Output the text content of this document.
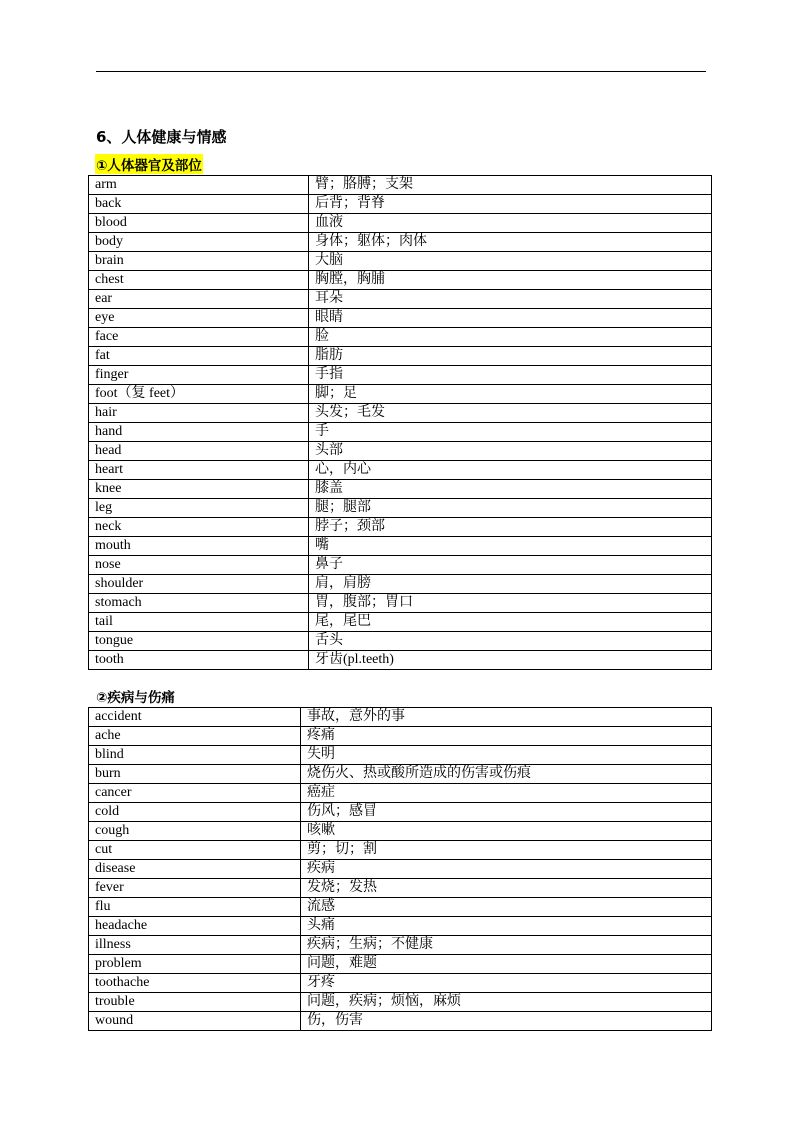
6、人体健康与情感
①人体器官及部位
arm	臂；胳膊；支架
back	后背；背脊
blood	血液
body	身体；躯体；肉体
brain	大脑
chest	胸膛，胸脯
ear	耳朵
eye	眼睛
face	脸
fat	脂肪
finger	手指
foot（复 feet）	脚；足
hair	头发；毛发
hand	手
head	头部
heart	心，内心
knee	膝盖
leg	腿；腿部
neck	脖子；颈部
mouth	嘴
nose	鼻子
shoulder	肩，肩膀
stomach	胃，腹部；胃口
tail	尾，尾巴
tongue	舌头
tooth	牙齿(pl.teeth)
②疾病与伤痛
accident	事故，意外的事
ache	疼痛
blind	失明
burn	烧伤火、热或酸所造成的伤害或伤痕
cancer	癌症
cold	伤风；感冒
cough	咳嗽
cut	剪；切；割
disease	疾病
fever	发烧；发热
flu	流感
headache	头痛
illness	疾病；生病；不健康
problem	问题，难题
toothache	牙疼
trouble	问题，疾病；烦恼，麻烦
wound	伤，伤害
